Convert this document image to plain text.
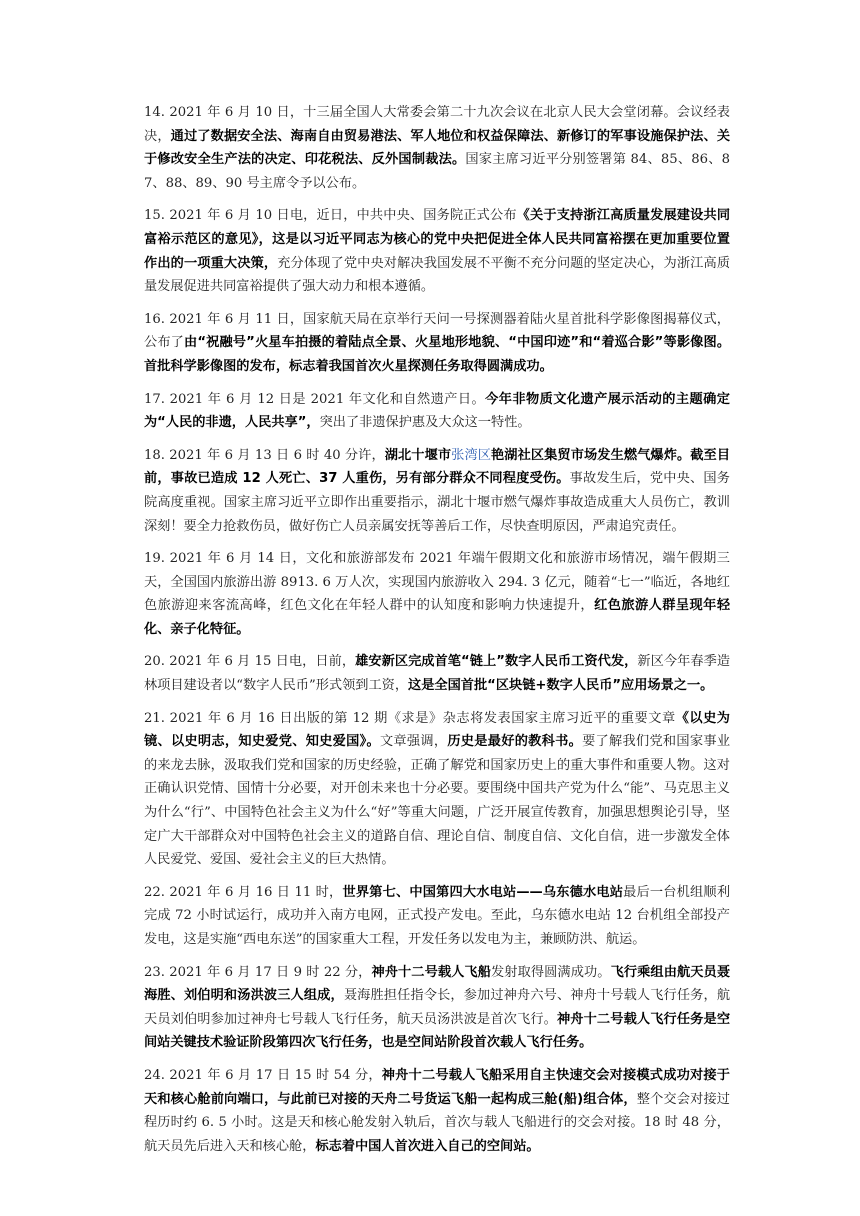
14. 2021 年 6 月 10 日，十三届全国人大常委会第二十九次会议在北京人民大会堂闭幕。会议经表决，通过了数据安全法、海南自由贸易港法、军人地位和权益保障法、新修订的军事设施保护法、关于修改安全生产法的决定、印花税法、反外国制裁法。国家主席习近平分别签署第 84、85、86、87、88、89、90 号主席令予以公布。

15. 2021 年 6 月 10 日电，近日，中共中央、国务院正式公布《关于支持浙江高质量发展建设共同富裕示范区的意见》，这是以习近平同志为核心的党中央把促进全体人民共同富裕摆在更加重要位置作出的一项重大决策，充分体现了党中央对解决我国发展不平衡不充分问题的坚定决心，为浙江高质量发展促进共同富裕提供了强大动力和根本遵循。

16. 2021 年 6 月 11 日，国家航天局在京举行天问一号探测器着陆火星首批科学影像图揭幕仪式，公布了由“祝融号”火星车拍摄的着陆点全景、火星地形地貌、“中国印迹”和“着巡合影”等影像图。首批科学影像图的发布，标志着我国首次火星探测任务取得圆满成功。

17. 2021 年 6 月 12 日是 2021 年文化和自然遗产日。今年非物质文化遗产展示活动的主题确定为“人民的非遗，人民共享”，突出了非遗保护惠及大众这一特性。

18. 2021 年 6 月 13 日 6 时 40 分许，湖北十堰市张湾区艳湖社区集贸市场发生燃气爆炸。截至目前，事故已造成 12 人死亡、37 人重伤，另有部分群众不同程度受伤。事故发生后，党中央、国务院高度重视。国家主席习近平立即作出重要指示，湖北十堰市燃气爆炸事故造成重大人员伤亡，教训深刻！要全力抢救伤员，做好伤亡人员亲属安抚等善后工作，尽快查明原因，严肃追究责任。

19. 2021 年 6 月 14 日，文化和旅游部发布 2021 年端午假期文化和旅游市场情况，端午假期三天，全国国内旅游出游 8913. 6 万人次，实现国内旅游收入 294. 3 亿元，随着“七一”临近，各地红色旅游迎来客流高峰，红色文化在年轻人群中的认知度和影响力快速提升，红色旅游人群呈现年轻化、亲子化特征。

20. 2021 年 6 月 15 日电，日前，雄安新区完成首笔“链上”数字人民币工资代发，新区今年春季造林项目建设者以“数字人民币”形式领到工资，这是全国首批“区块链+数字人民币”应用场景之一。

21. 2021 年 6 月 16 日出版的第 12 期《求是》杂志将发表国家主席习近平的重要文章《以史为镜、以史明志，知史爱党、知史爱国》。文章强调，历史是最好的教科书。要了解我们党和国家事业的来龙去脉，汲取我们党和国家的历史经验，正确了解党和国家历史上的重大事件和重要人物。这对正确认识党情、国情十分必要，对开创未来也十分必要。要围绕中国共产党为什么“能”、马克思主义为什么“行”、中国特色社会主义为什么“好”等重大问题，广泛开展宣传教育，加强思想舆论引导，坚定广大干部群众对中国特色社会主义的道路自信、理论自信、制度自信、文化自信，进一步激发全体人民爱党、爱国、爱社会主义的巨大热情。

22. 2021 年 6 月 16 日 11 时，世界第七、中国第四大水电站——乌东德水电站最后一台机组顺利完成 72 小时试运行，成功并入南方电网，正式投产发电。至此，乌东德水电站 12 台机组全部投产发电，这是实施“西电东送”的国家重大工程，开发任务以发电为主，兼顾防洪、航运。

23. 2021 年 6 月 17 日 9 时 22 分，神舟十二号载人飞船发射取得圆满成功。飞行乘组由航天员聂海胜、刘伯明和汤洪波三人组成，聂海胜担任指令长，参加过神舟六号、神舟十号载人飞行任务，航天员刘伯明参加过神舟七号载人飞行任务，航天员汤洪波是首次飞行。神舟十二号载人飞行任务是空间站关键技术验证阶段第四次飞行任务，也是空间站阶段首次载人飞行任务。

24. 2021 年 6 月 17 日 15 时 54 分，神舟十二号载人飞船采用自主快速交会对接模式成功对接于天和核心舱前向端口，与此前已对接的天舟二号货运飞船一起构成三舱(船)组合体，整个交会对接过程历时约 6. 5 小时。这是天和核心舱发射入轨后，首次与载人飞船进行的交会对接。18 时 48 分，航天员先后进入天和核心舱，标志着中国人首次进入自己的空间站。
